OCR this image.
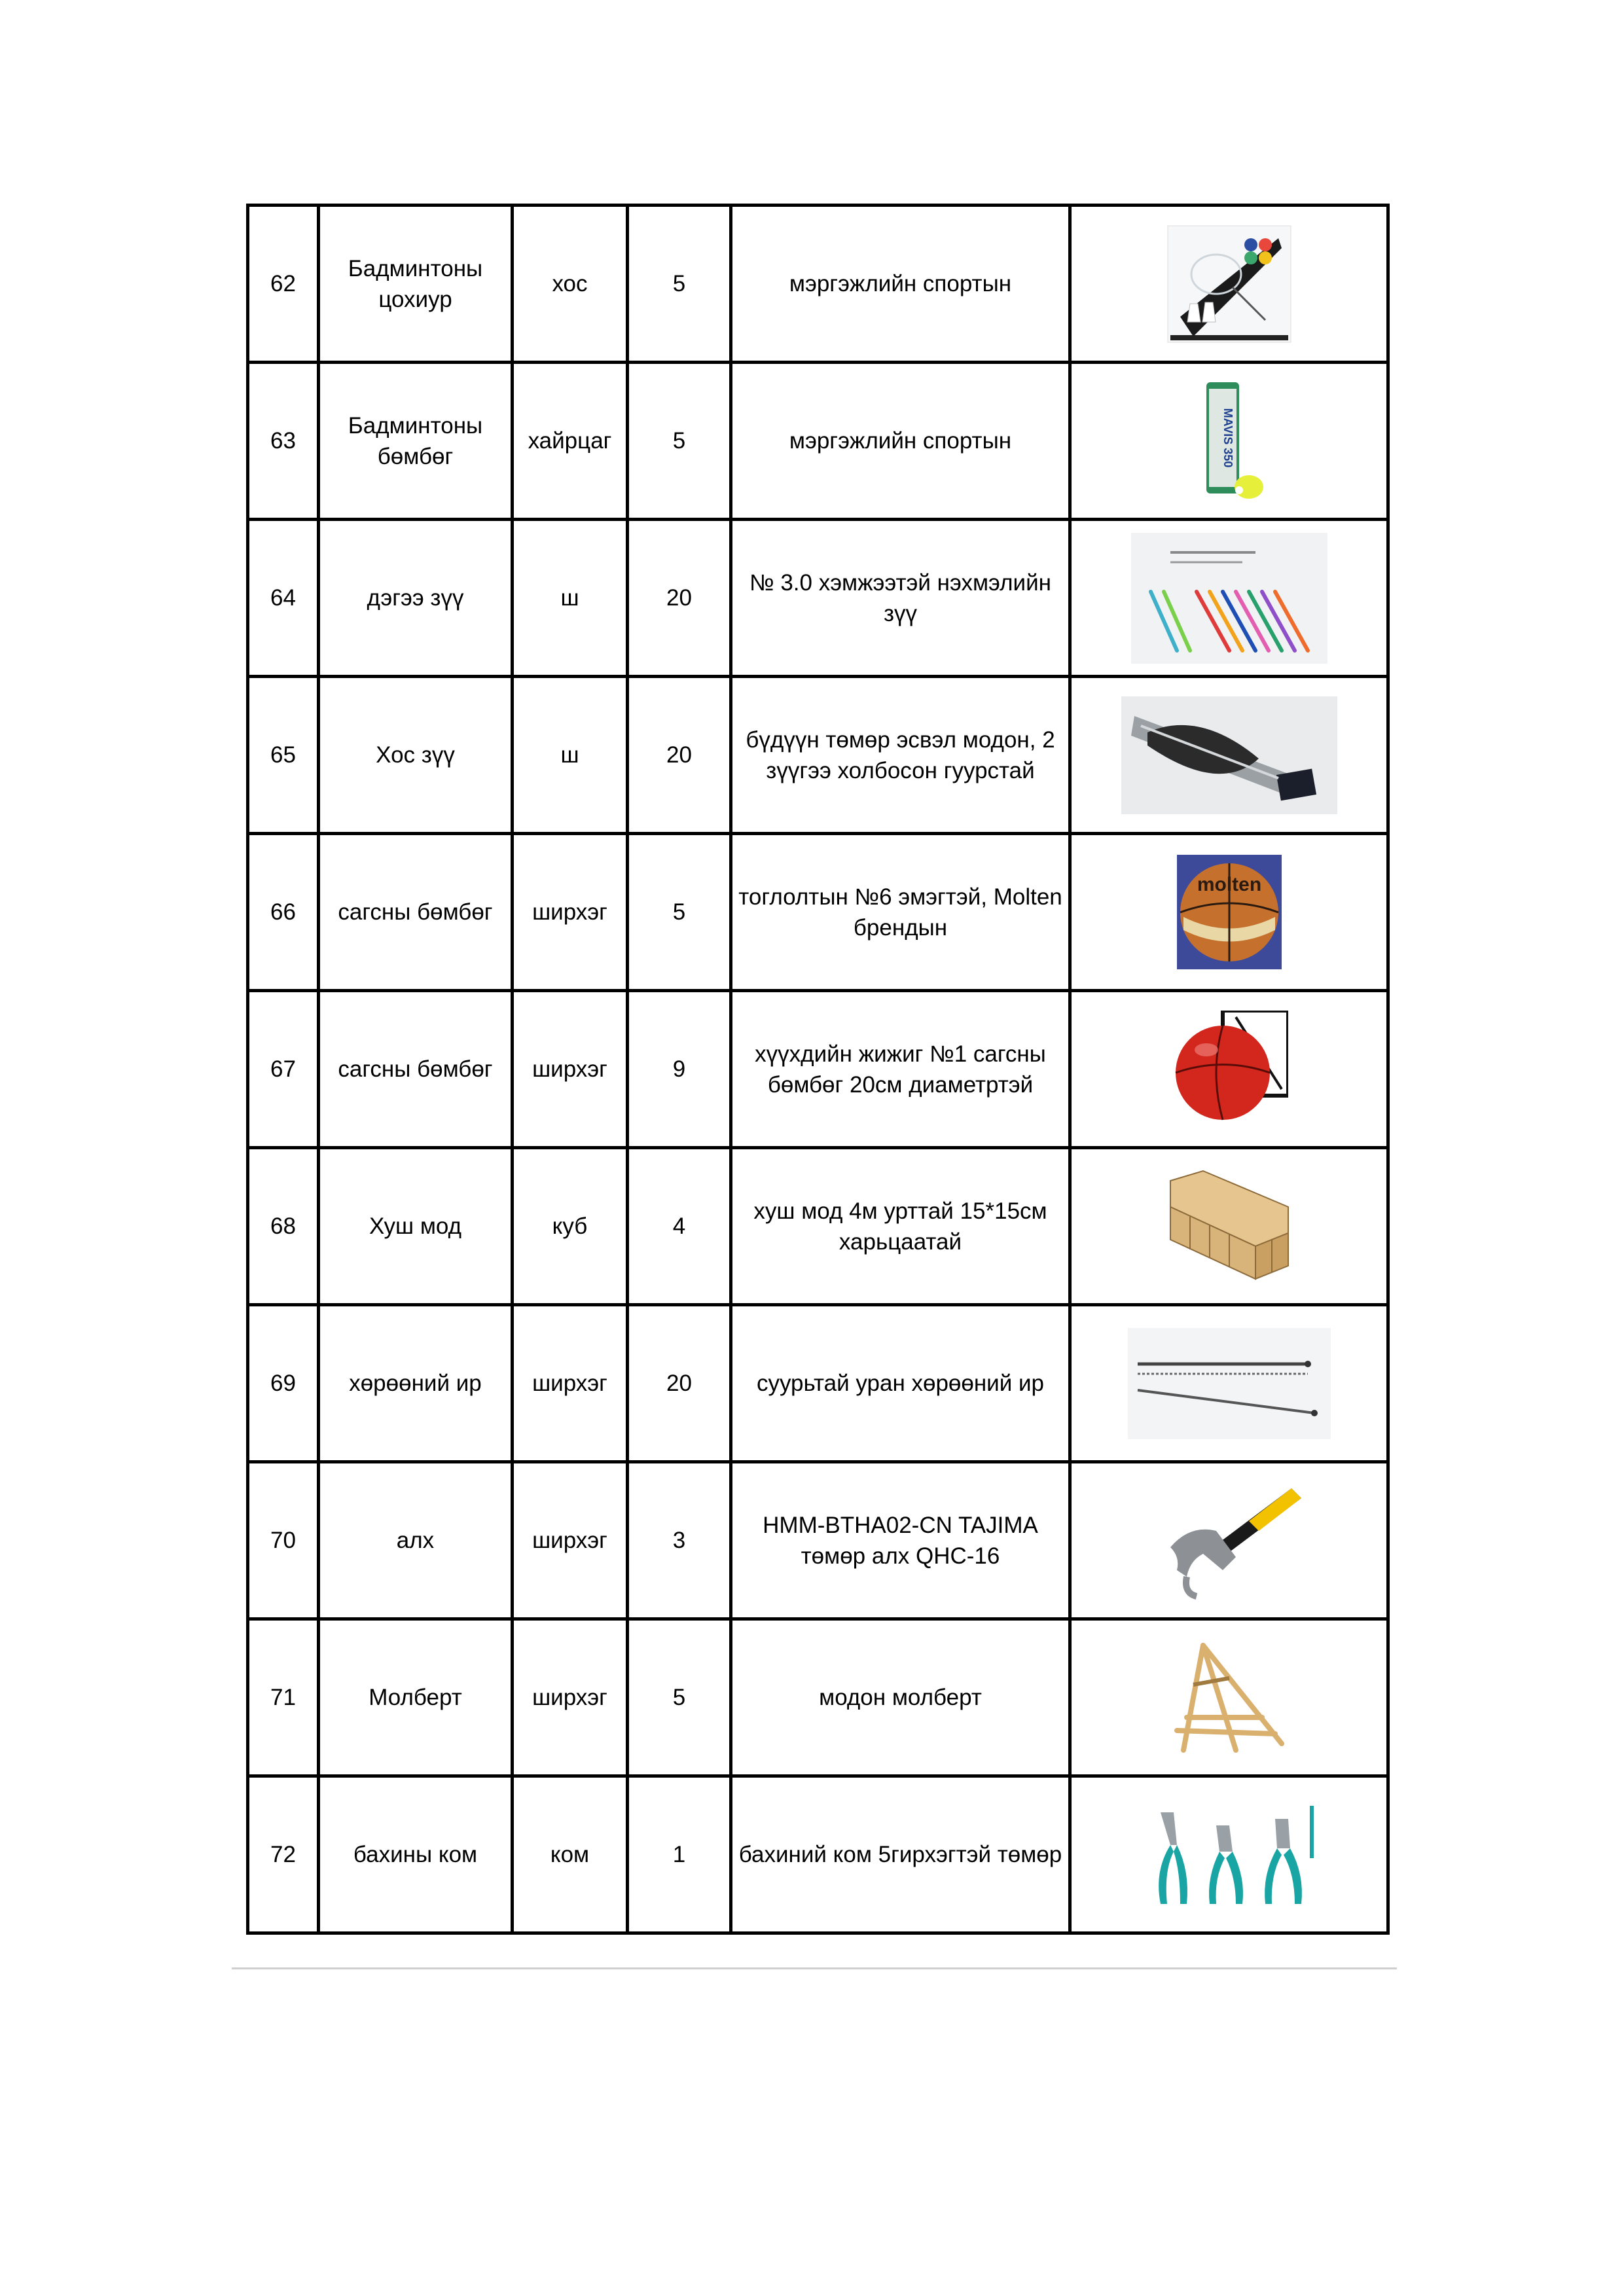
62	Бадминтоны цохиур	хос	5	мэргэжлийн спортын	

63	Бадминтоны бөмбөг	хайрцаг	5	мэргэжлийн спортын	MAVIS 350

64	дэгээ зүү	ш	20	№ 3.0 хэмжээтэй нэхмэлийн зүү	

65	Хос зүү	ш	20	бүдүүн төмөр эсвэл модон, 2 зүүгээ холбосон гуурстай	

66	сагсны бөмбөг	ширхэг	5	тоглолтын №6 эмэгтэй, Molten брендын	molten

67	сагсны бөмбөг	ширхэг	9	хүүхдийн жижиг №1 сагсны бөмбөг 20см диаметртэй	

68	Хуш мод	куб	4	хуш мод 4м урттай 15*15см харьцаатай	

69	хөрөөний ир	ширхэг	20	суурьтай уран хөрөөний ир	

70	алх	ширхэг	3	HMM-BTHA02-CN TAJIMA төмөр алх QHC-16	

71	Молберт	ширхэг	5	модон молберт	

72	бахины ком	ком	1	бахиний ком 5гирхэгтэй төмөр	
